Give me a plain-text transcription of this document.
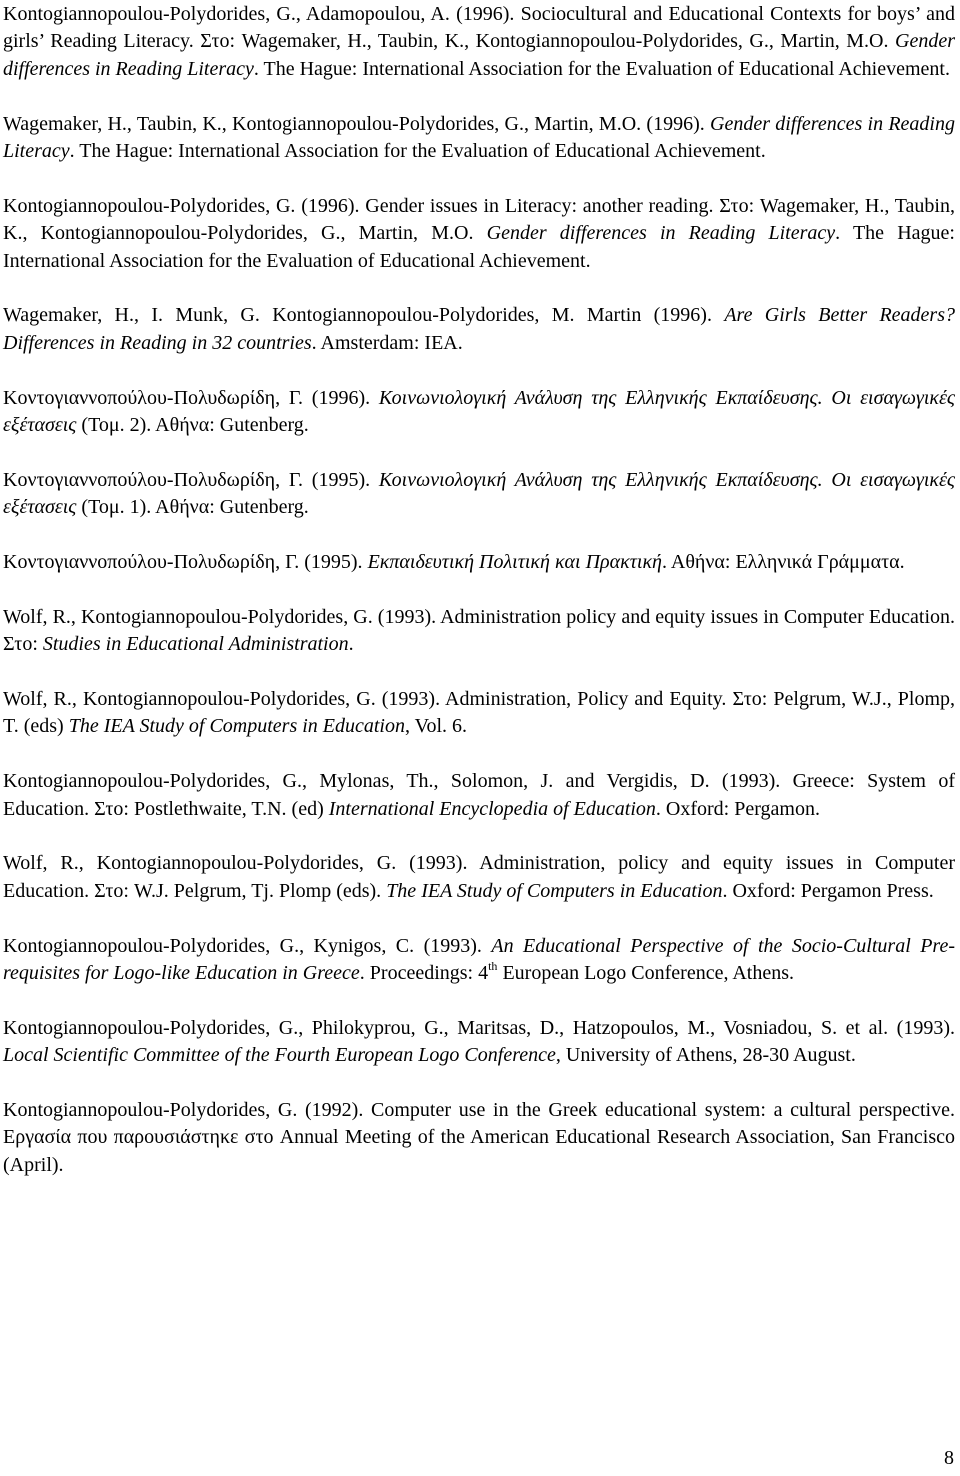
Kontogiannopoulou-Polydorides, G., Adamopoulou, A. (1996). Sociocultural and Educational Contexts for boys’ and girls’ Reading Literacy. Στο: Wagemaker, H., Taubin, K., Kontogiannopoulou-Polydorides, G., Martin, M.O. Gender differences in Reading Literacy. The Hague: International Association for the Evaluation of Educational Achievement.

Wagemaker, H., Taubin, K., Kontogiannopoulou-Polydorides, G., Martin, M.O. (1996). Gender differences in Reading Literacy. The Hague: International Association for the Evaluation of Educational Achievement.

Kontogiannopoulou-Polydorides, G. (1996). Gender issues in Literacy: another reading. Στο: Wagemaker, H., Taubin, K., Kontogiannopoulou-Polydorides, G., Martin, M.O. Gender differences in Reading Literacy. The Hague: International Association for the Evaluation of Educational Achievement.

Wagemaker, H., I. Munk, G. Kontogiannopoulou-Polydorides, M. Martin (1996). Are Girls Better Readers? Differences in Reading in 32 countries. Amsterdam: IEA.

Κοντογιαννοπούλου-Πολυδωρίδη, Γ. (1996). Κοινωνιολογική Ανάλυση της Ελληνικής Εκπαίδευσης. Οι εισαγωγικές εξέτασεις (Τομ. 2). Αθήνα: Gutenberg.

Κοντογιαννοπούλου-Πολυδωρίδη, Γ. (1995). Κοινωνιολογική Ανάλυση της Ελληνικής Εκπαίδευσης. Οι εισαγωγικές εξέτασεις (Τομ. 1). Αθήνα: Gutenberg.

Κοντογιαννοπούλου-Πολυδωρίδη, Γ. (1995). Εκπαιδευτική Πολιτική και Πρακτική. Αθήνα: Ελληνικά Γράμματα.

Wolf, R., Kontogiannopoulou-Polydorides, G. (1993). Administration policy and equity issues in Computer Education. Στο: Studies in Educational Administration.

Wolf, R., Kontogiannopoulou-Polydorides, G. (1993). Administration, Policy and Equity. Στο: Pelgrum, W.J., Plomp, T. (eds) The IEA Study of Computers in Education, Vol. 6.

Kontogiannopoulou-Polydorides, G., Mylonas, Th., Solomon, J. and Vergidis, D. (1993). Greece: System of Education. Στο: Postlethwaite, T.N. (ed) International Encyclopedia of Education. Oxford: Pergamon.

Wolf, R., Kontogiannopoulou-Polydorides, G. (1993). Administration, policy and equity issues in Computer Education. Στο: W.J. Pelgrum, Tj. Plomp (eds). The IEA Study of Computers in Education. Oxford: Pergamon Press.

Kontogiannopoulou-Polydorides, G., Kynigos, C. (1993). An Educational Perspective of the Socio-Cultural Pre-requisites for Logo-like Education in Greece. Proceedings: 4th European Logo Conference, Athens.

Kontogiannopoulou-Polydorides, G., Philokyprou, G., Maritsas, D., Hatzopoulos, M., Vosniadou, S. et al. (1993). Local Scientific Committee of the Fourth European Logo Conference, University of Athens, 28-30 August.

Kontogiannopoulou-Polydorides, G. (1992). Computer use in the Greek educational system: a cultural perspective. Εργασία που παρουσιάστηκε στο Annual Meeting of the American Educational Research Association, San Francisco (April).

8
